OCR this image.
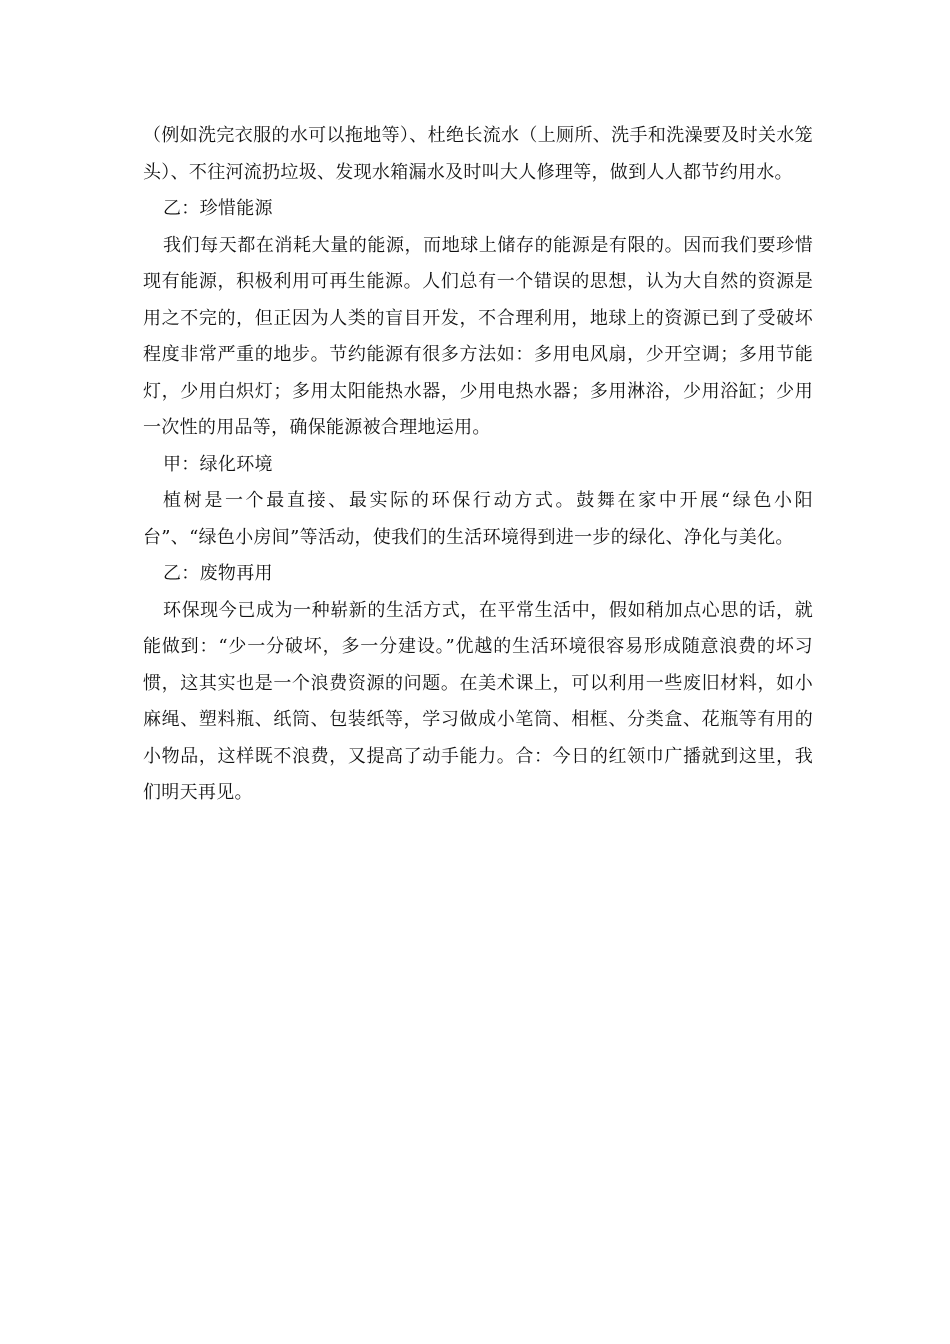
（例如洗完衣服的水可以拖地等）、杜绝长流水（上厕所、洗手和洗澡要及时关水笼头）、不往河流扔垃圾、发现水箱漏水及时叫大人修理等，做到人人都节约用水。

乙：珍惜能源

我们每天都在消耗大量的能源，而地球上储存的能源是有限的。因而我们要珍惜现有能源，积极利用可再生能源。人们总有一个错误的思想，认为大自然的资源是用之不完的，但正因为人类的盲目开发，不合理利用，地球上的资源已到了受破坏程度非常严重的地步。节约能源有很多方法如：多用电风扇，少开空调；多用节能灯，少用白炽灯；多用太阳能热水器，少用电热水器；多用淋浴，少用浴缸；少用一次性的用品等，确保能源被合理地运用。

甲：绿化环境

植树是一个最直接、最实际的环保行动方式。鼓舞在家中开展“绿色小阳台”、“绿色小房间”等活动，使我们的生活环境得到进一步的绿化、净化与美化。

乙：废物再用

环保现今已成为一种崭新的生活方式，在平常生活中，假如稍加点心思的话，就能做到：“少一分破坏，多一分建设。”优越的生活环境很容易形成随意浪费的坏习惯，这其实也是一个浪费资源的问题。在美术课上，可以利用一些废旧材料，如小麻绳、塑料瓶、纸筒、包装纸等，学习做成小笔筒、相框、分类盒、花瓶等有用的小物品，这样既不浪费，又提高了动手能力。合：今日的红领巾广播就到这里，我们明天再见。
